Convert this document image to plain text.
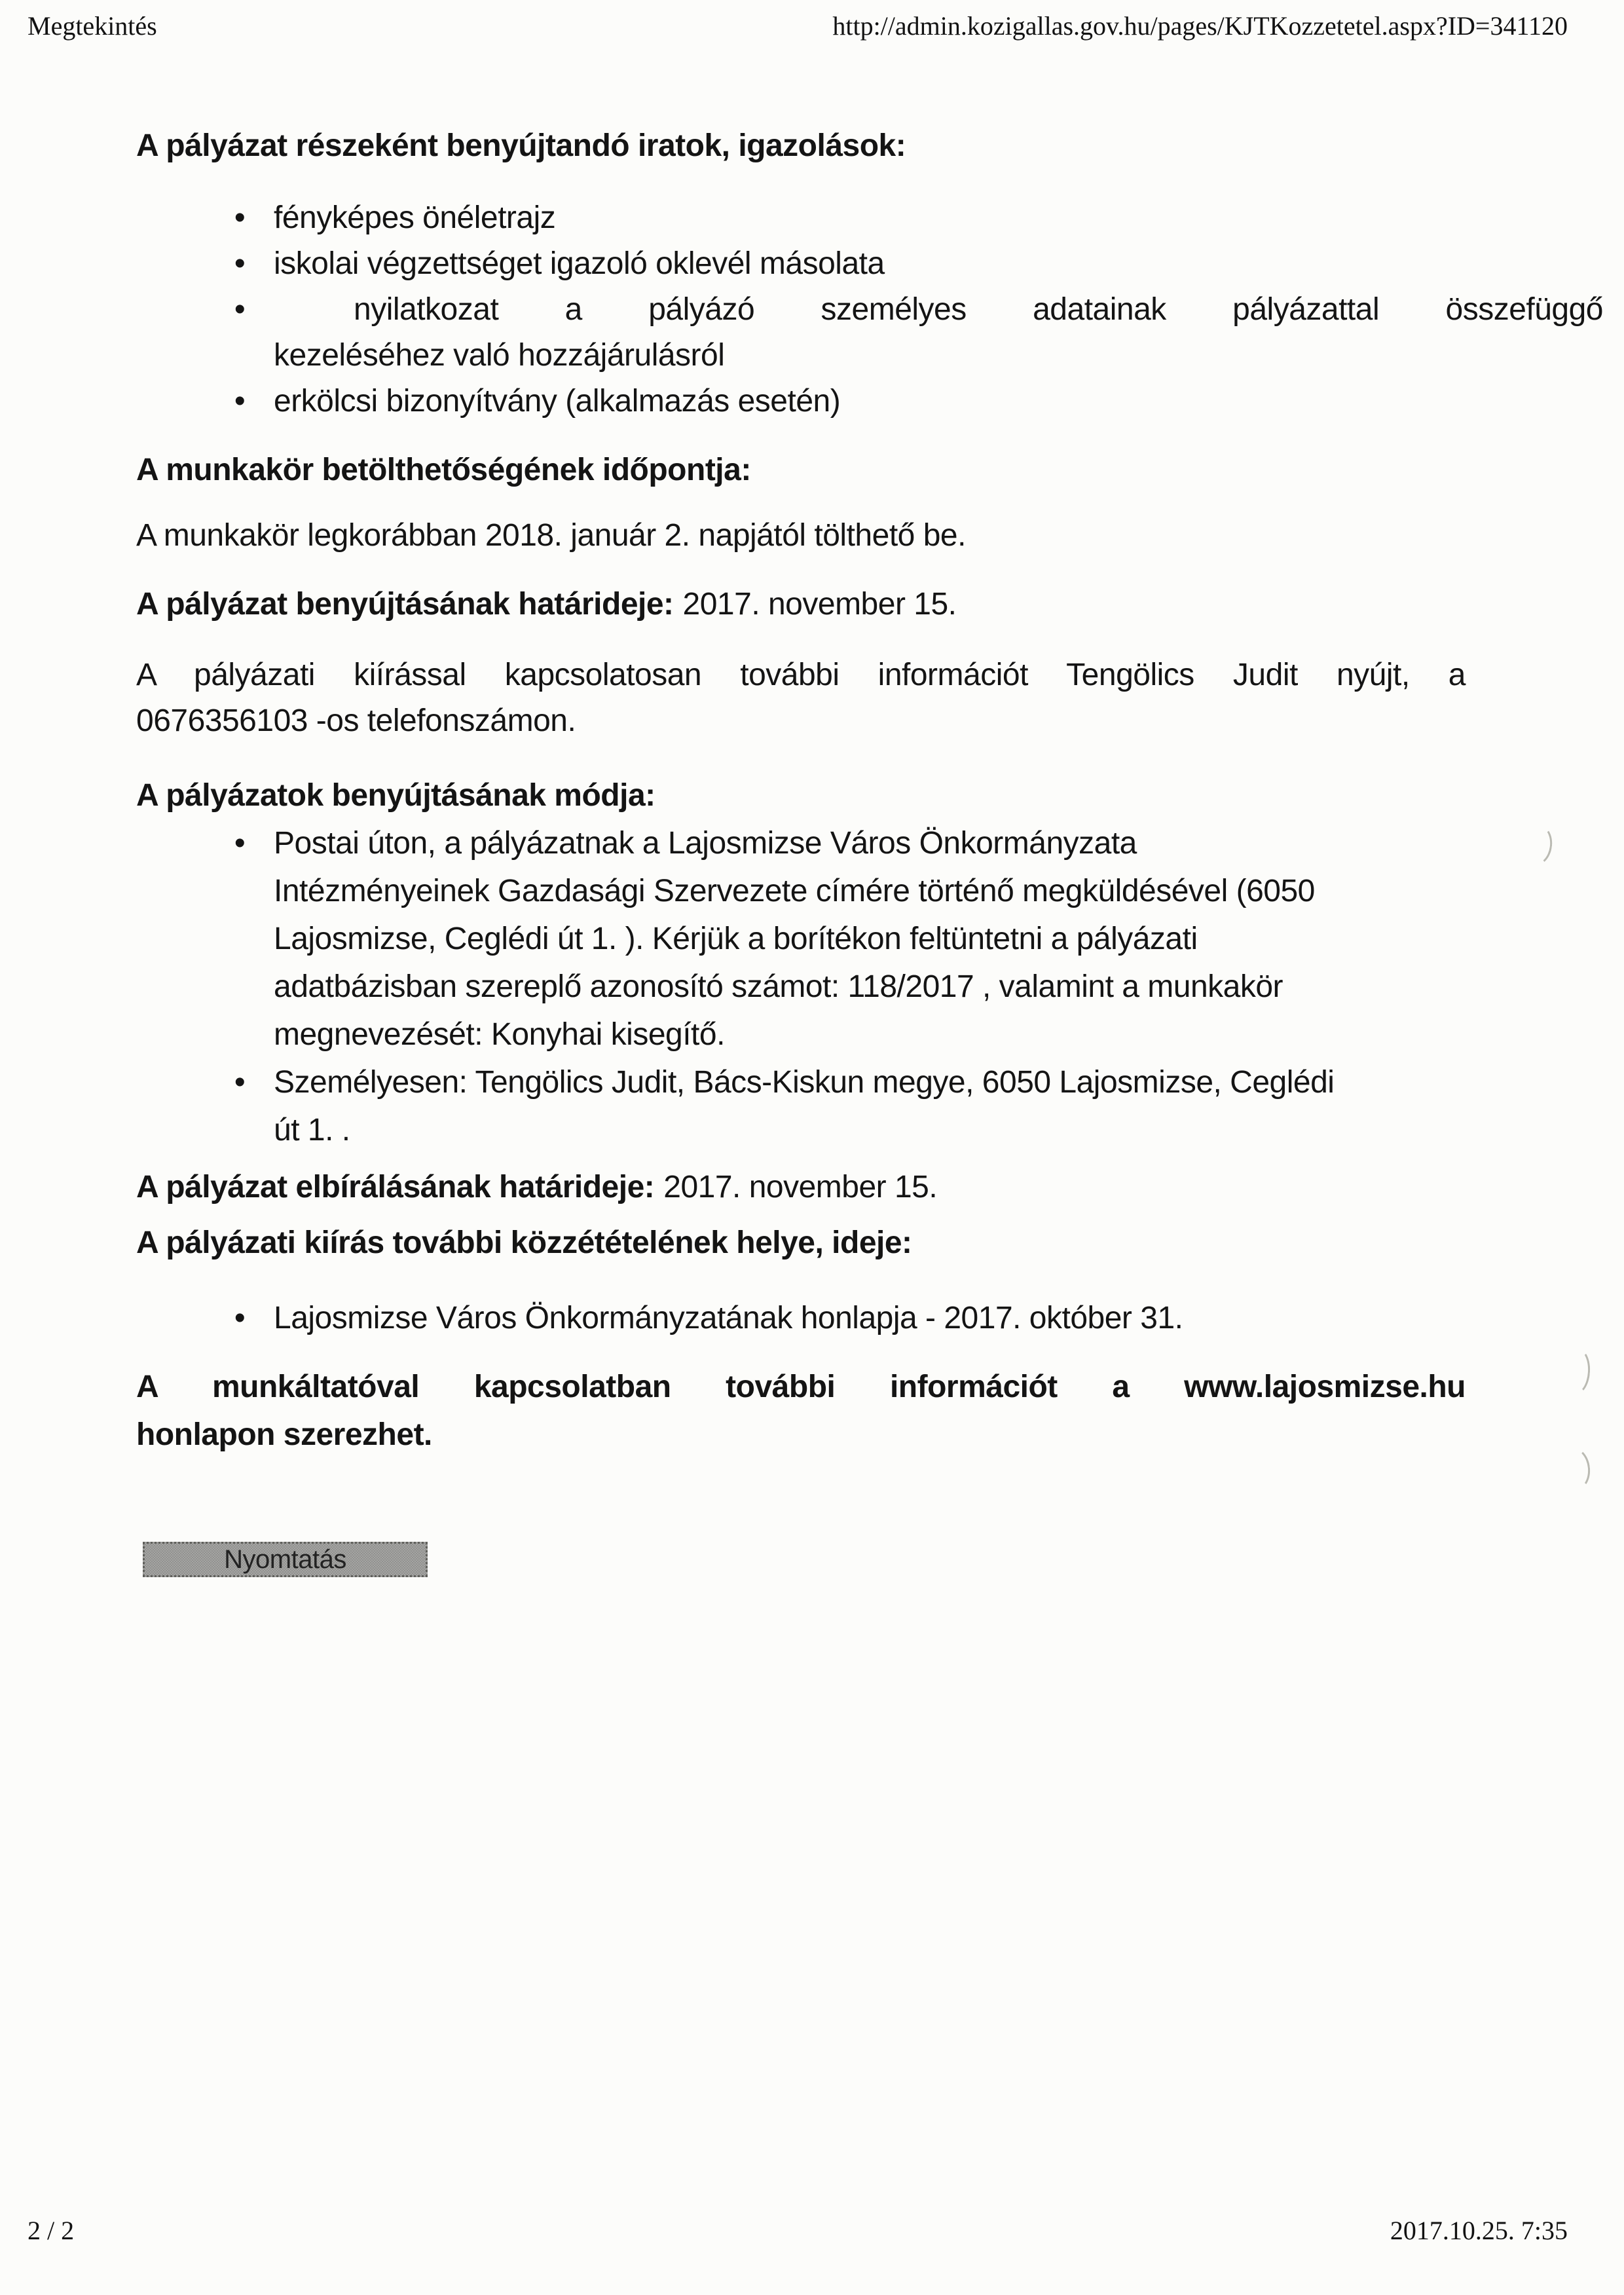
Megtekintés	http://admin.kozigallas.gov.hu/pages/KJTKozzetetel.aspx?ID=341120
A pályázat részeként benyújtandó iratok, igazolások:
• fényképes önéletrajz
• iskolai végzettséget igazoló oklevél másolata
•	nyilatkozat a pályázó személyes adatainak pályázattal összefüggő
kezeléséhez való hozzájárulásról
• erkölcsi bizonyítvány (alkalmazás esetén)
A munkakör betölthetőségének időpontja:
A munkakör legkorábban 2018. január 2. napjától tölthető be.
A pályázat benyújtásának határideje: 2017. november 15.
A pályázati kiírással kapcsolatosan további információt Tengölics Judit nyújt, a
0676356103 -os telefonszámon.
A pályázatok benyújtásának módja:
• Postai úton, a pályázatnak a Lajosmizse Város Önkormányzata
Intézményeinek Gazdasági Szervezete címére történő megküldésével (6050
Lajosmizse, Ceglédi út 1. ). Kérjük a borítékon feltüntetni a pályázati
adatbázisban szereplő azonosító számot: 118/2017 , valamint a munkakör
megnevezését: Konyhai kisegítő.
• Személyesen: Tengölics Judit, Bács-Kiskun megye, 6050 Lajosmizse, Ceglédi
út 1. .
A pályázat elbírálásának határideje: 2017. november 15.
A pályázati kiírás további közzétételének helye, ideje:
• Lajosmizse Város Önkormányzatának honlapja - 2017. október 31.
A munkáltatóval kapcsolatban további információt a www.lajosmizse.hu
honlapon szerezhet.
Nyomtatás
2 / 2	2017.10.25. 7:35
